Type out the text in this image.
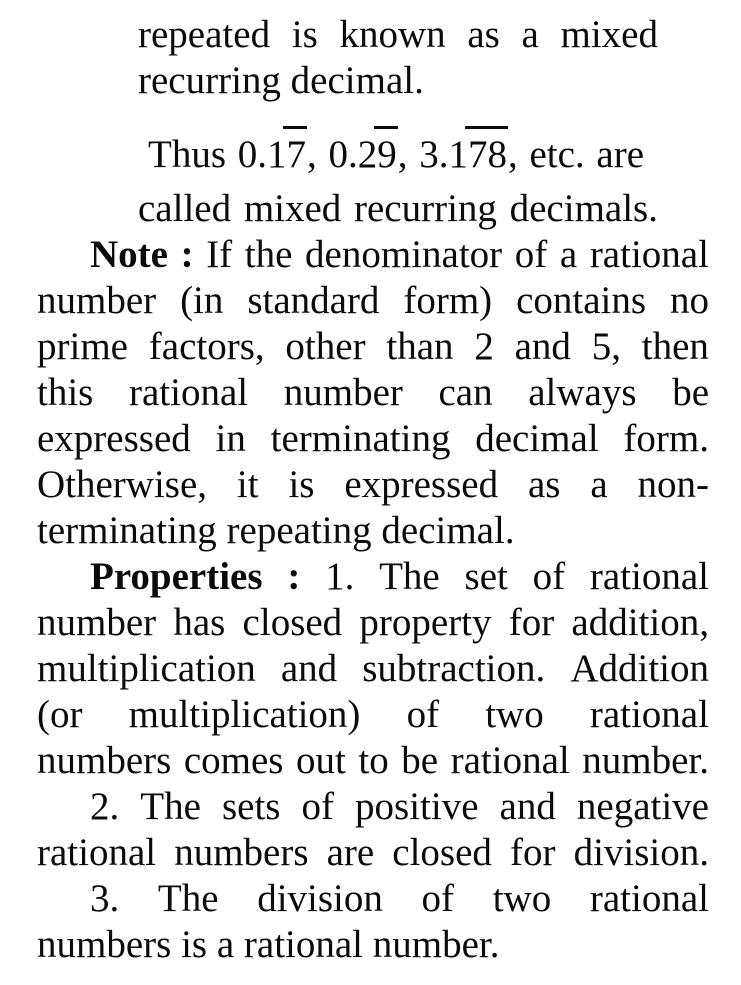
repeated is known as a mixed
recurring decimal.
Thus 0.17, 0.29, 3.178, etc. are
called mixed recurring decimals.
Note : If the denominator of a rational
number (in standard form) contains no
prime factors, other than 2 and 5, then
this rational number can always be
expressed in terminating decimal form.
Otherwise, it is expressed as a non-
terminating repeating decimal.
Properties : 1. The set of rational
number has closed property for addition,
multiplication and subtraction. Addition
(or multiplication) of two rational
numbers comes out to be rational number.
2. The sets of positive and negative
rational numbers are closed for division.
3. The division of two rational
numbers is a rational number.
